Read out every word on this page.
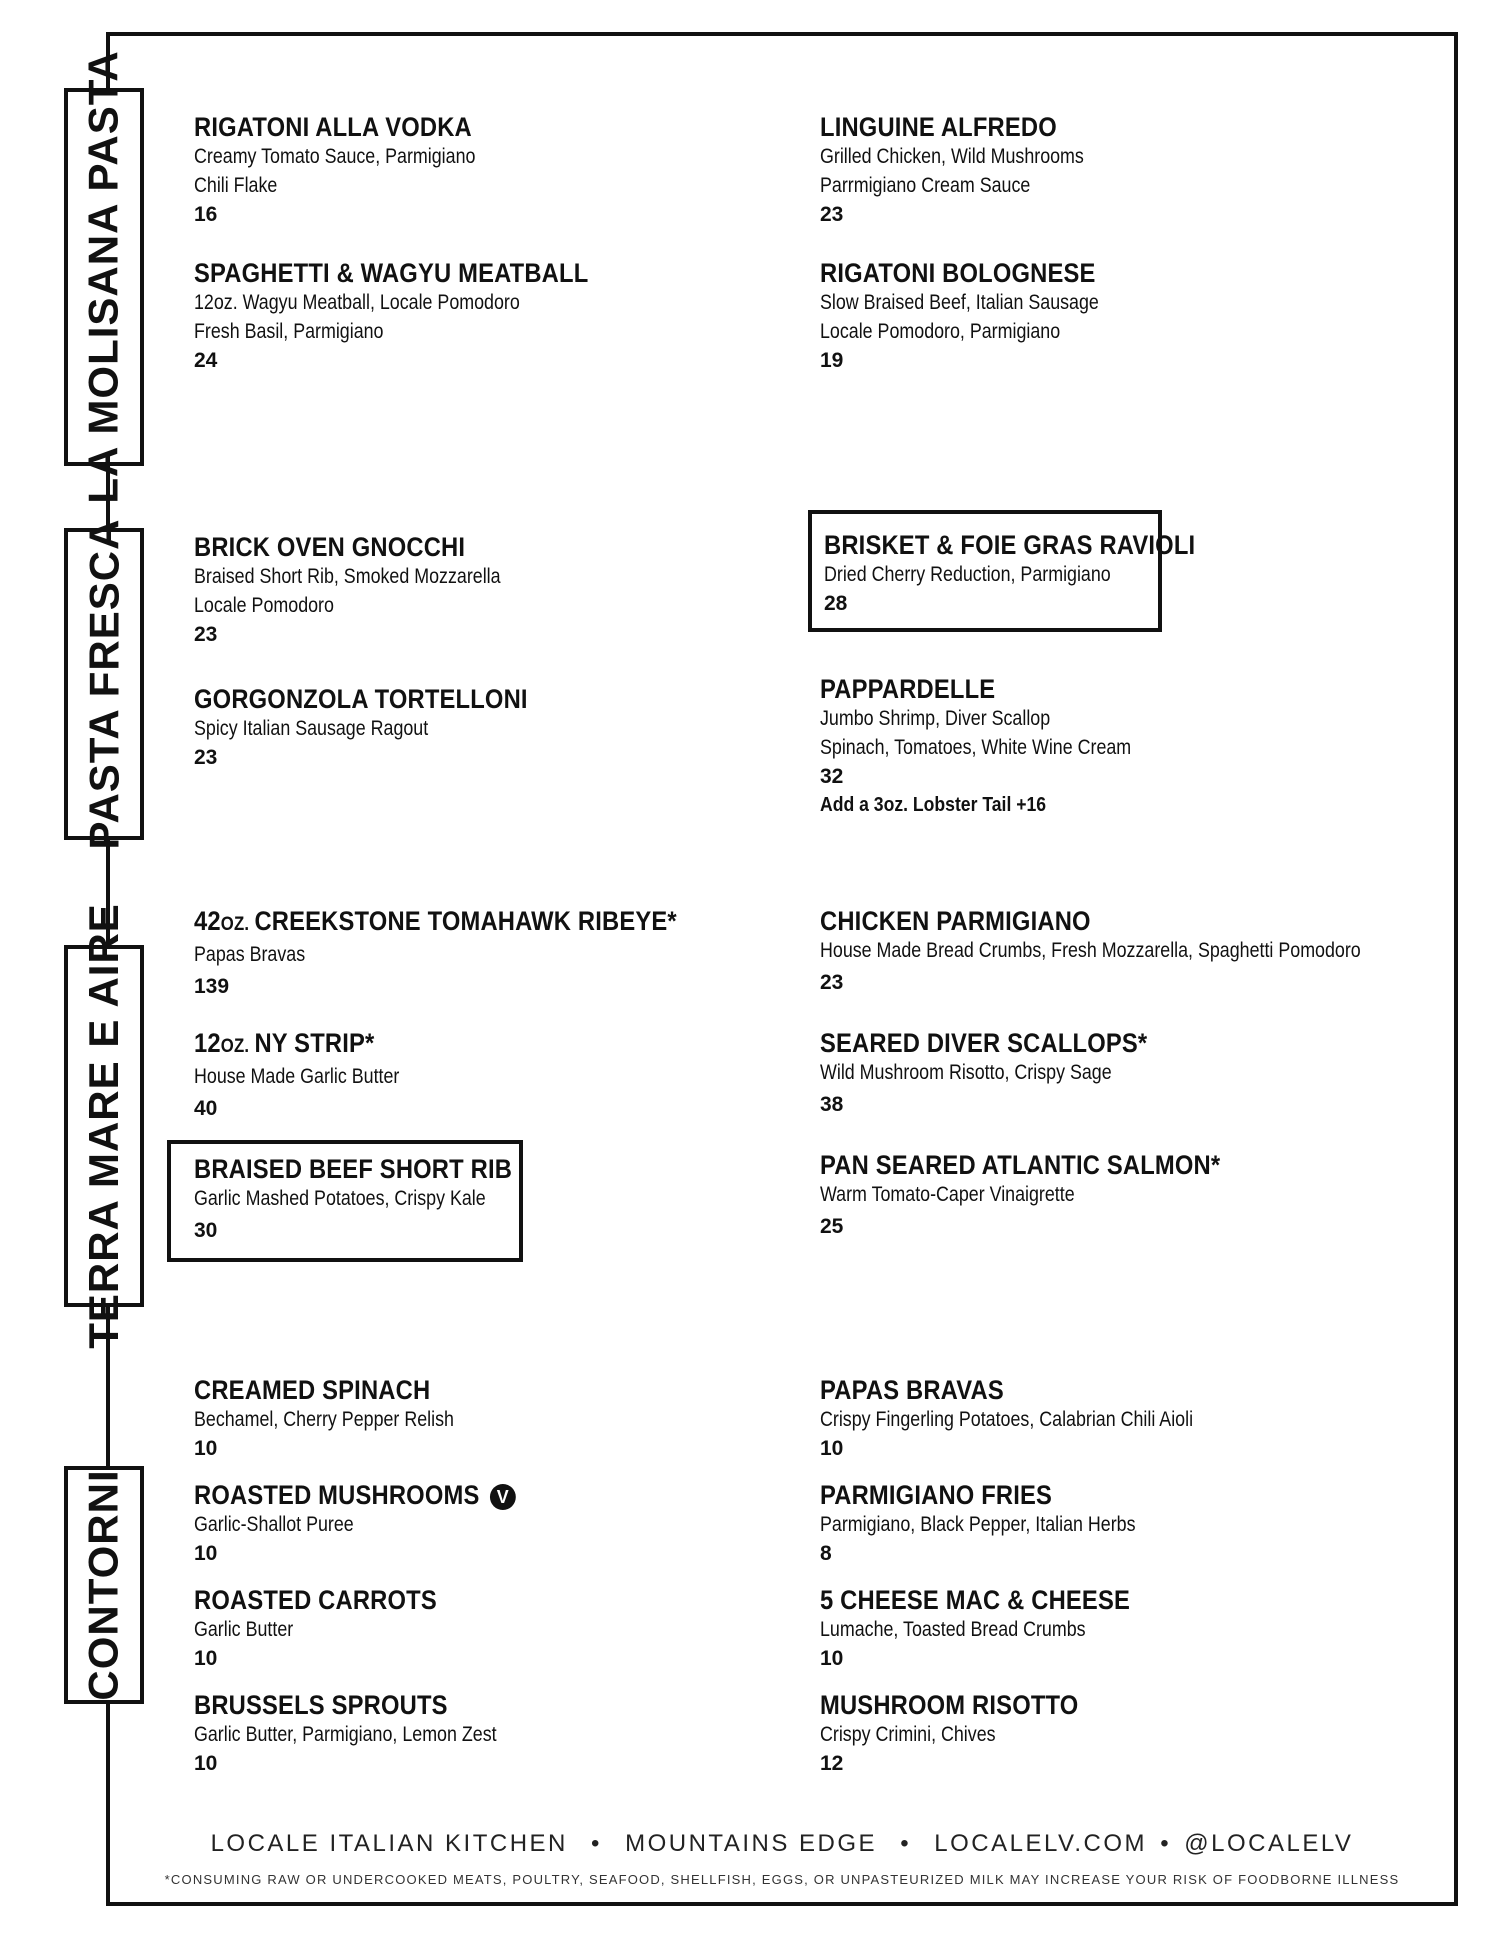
LA MOLISANA PASTA
PASTA FRESCA
TERRA MARE E AIRE
CONTORNI
RIGATONI ALLA VODKA
Creamy Tomato Sauce, Parmigiano
Chili Flake
16
LINGUINE ALFREDO
Grilled Chicken, Wild Mushrooms
Parrmigiano Cream Sauce
23
SPAGHETTI & WAGYU MEATBALL
12oz. Wagyu Meatball, Locale Pomodoro
Fresh Basil, Parmigiano
24
RIGATONI BOLOGNESE
Slow Braised Beef, Italian Sausage
Locale Pomodoro, Parmigiano
19
BRICK OVEN GNOCCHI
Braised Short Rib, Smoked Mozzarella
Locale Pomodoro
23
BRISKET & FOIE GRAS RAVIOLI
Dried Cherry Reduction, Parmigiano
28
GORGONZOLA TORTELLONI
Spicy Italian Sausage Ragout
23
PAPPARDELLE
Jumbo Shrimp, Diver Scallop
Spinach, Tomatoes, White Wine Cream
32
Add a 3oz. Lobster Tail +16
42OZ. CREEKSTONE TOMAHAWK RIBEYE*
Papas Bravas
139
CHICKEN PARMIGIANO
House Made Bread Crumbs, Fresh Mozzarella, Spaghetti Pomodoro
23
12OZ. NY STRIP*
House Made Garlic Butter
40
SEARED DIVER SCALLOPS*
Wild Mushroom Risotto, Crispy Sage
38
BRAISED BEEF SHORT RIB
Garlic Mashed Potatoes, Crispy Kale
30
PAN SEARED ATLANTIC SALMON*
Warm Tomato-Caper Vinaigrette
25
CREAMED SPINACH
Bechamel, Cherry Pepper Relish
10
PAPAS BRAVAS
Crispy Fingerling Potatoes, Calabrian Chili Aioli
10
ROASTED MUSHROOMS V
Garlic-Shallot Puree
10
PARMIGIANO FRIES
Parmigiano, Black Pepper, Italian Herbs
8
ROASTED CARROTS
Garlic Butter
10
5 CHEESE MAC & CHEESE
Lumache, Toasted Bread Crumbs
10
BRUSSELS SPROUTS
Garlic Butter, Parmigiano, Lemon Zest
10
MUSHROOM RISOTTO
Crispy Crimini, Chives
12
LOCALE ITALIAN KITCHEN • MOUNTAINS EDGE • LOCALELV.COM • @LOCALELV
*CONSUMING RAW OR UNDERCOOKED MEATS, POULTRY, SEAFOOD, SHELLFISH, EGGS, OR UNPASTEURIZED MILK MAY INCREASE YOUR RISK OF FOODBORNE ILLNESS
